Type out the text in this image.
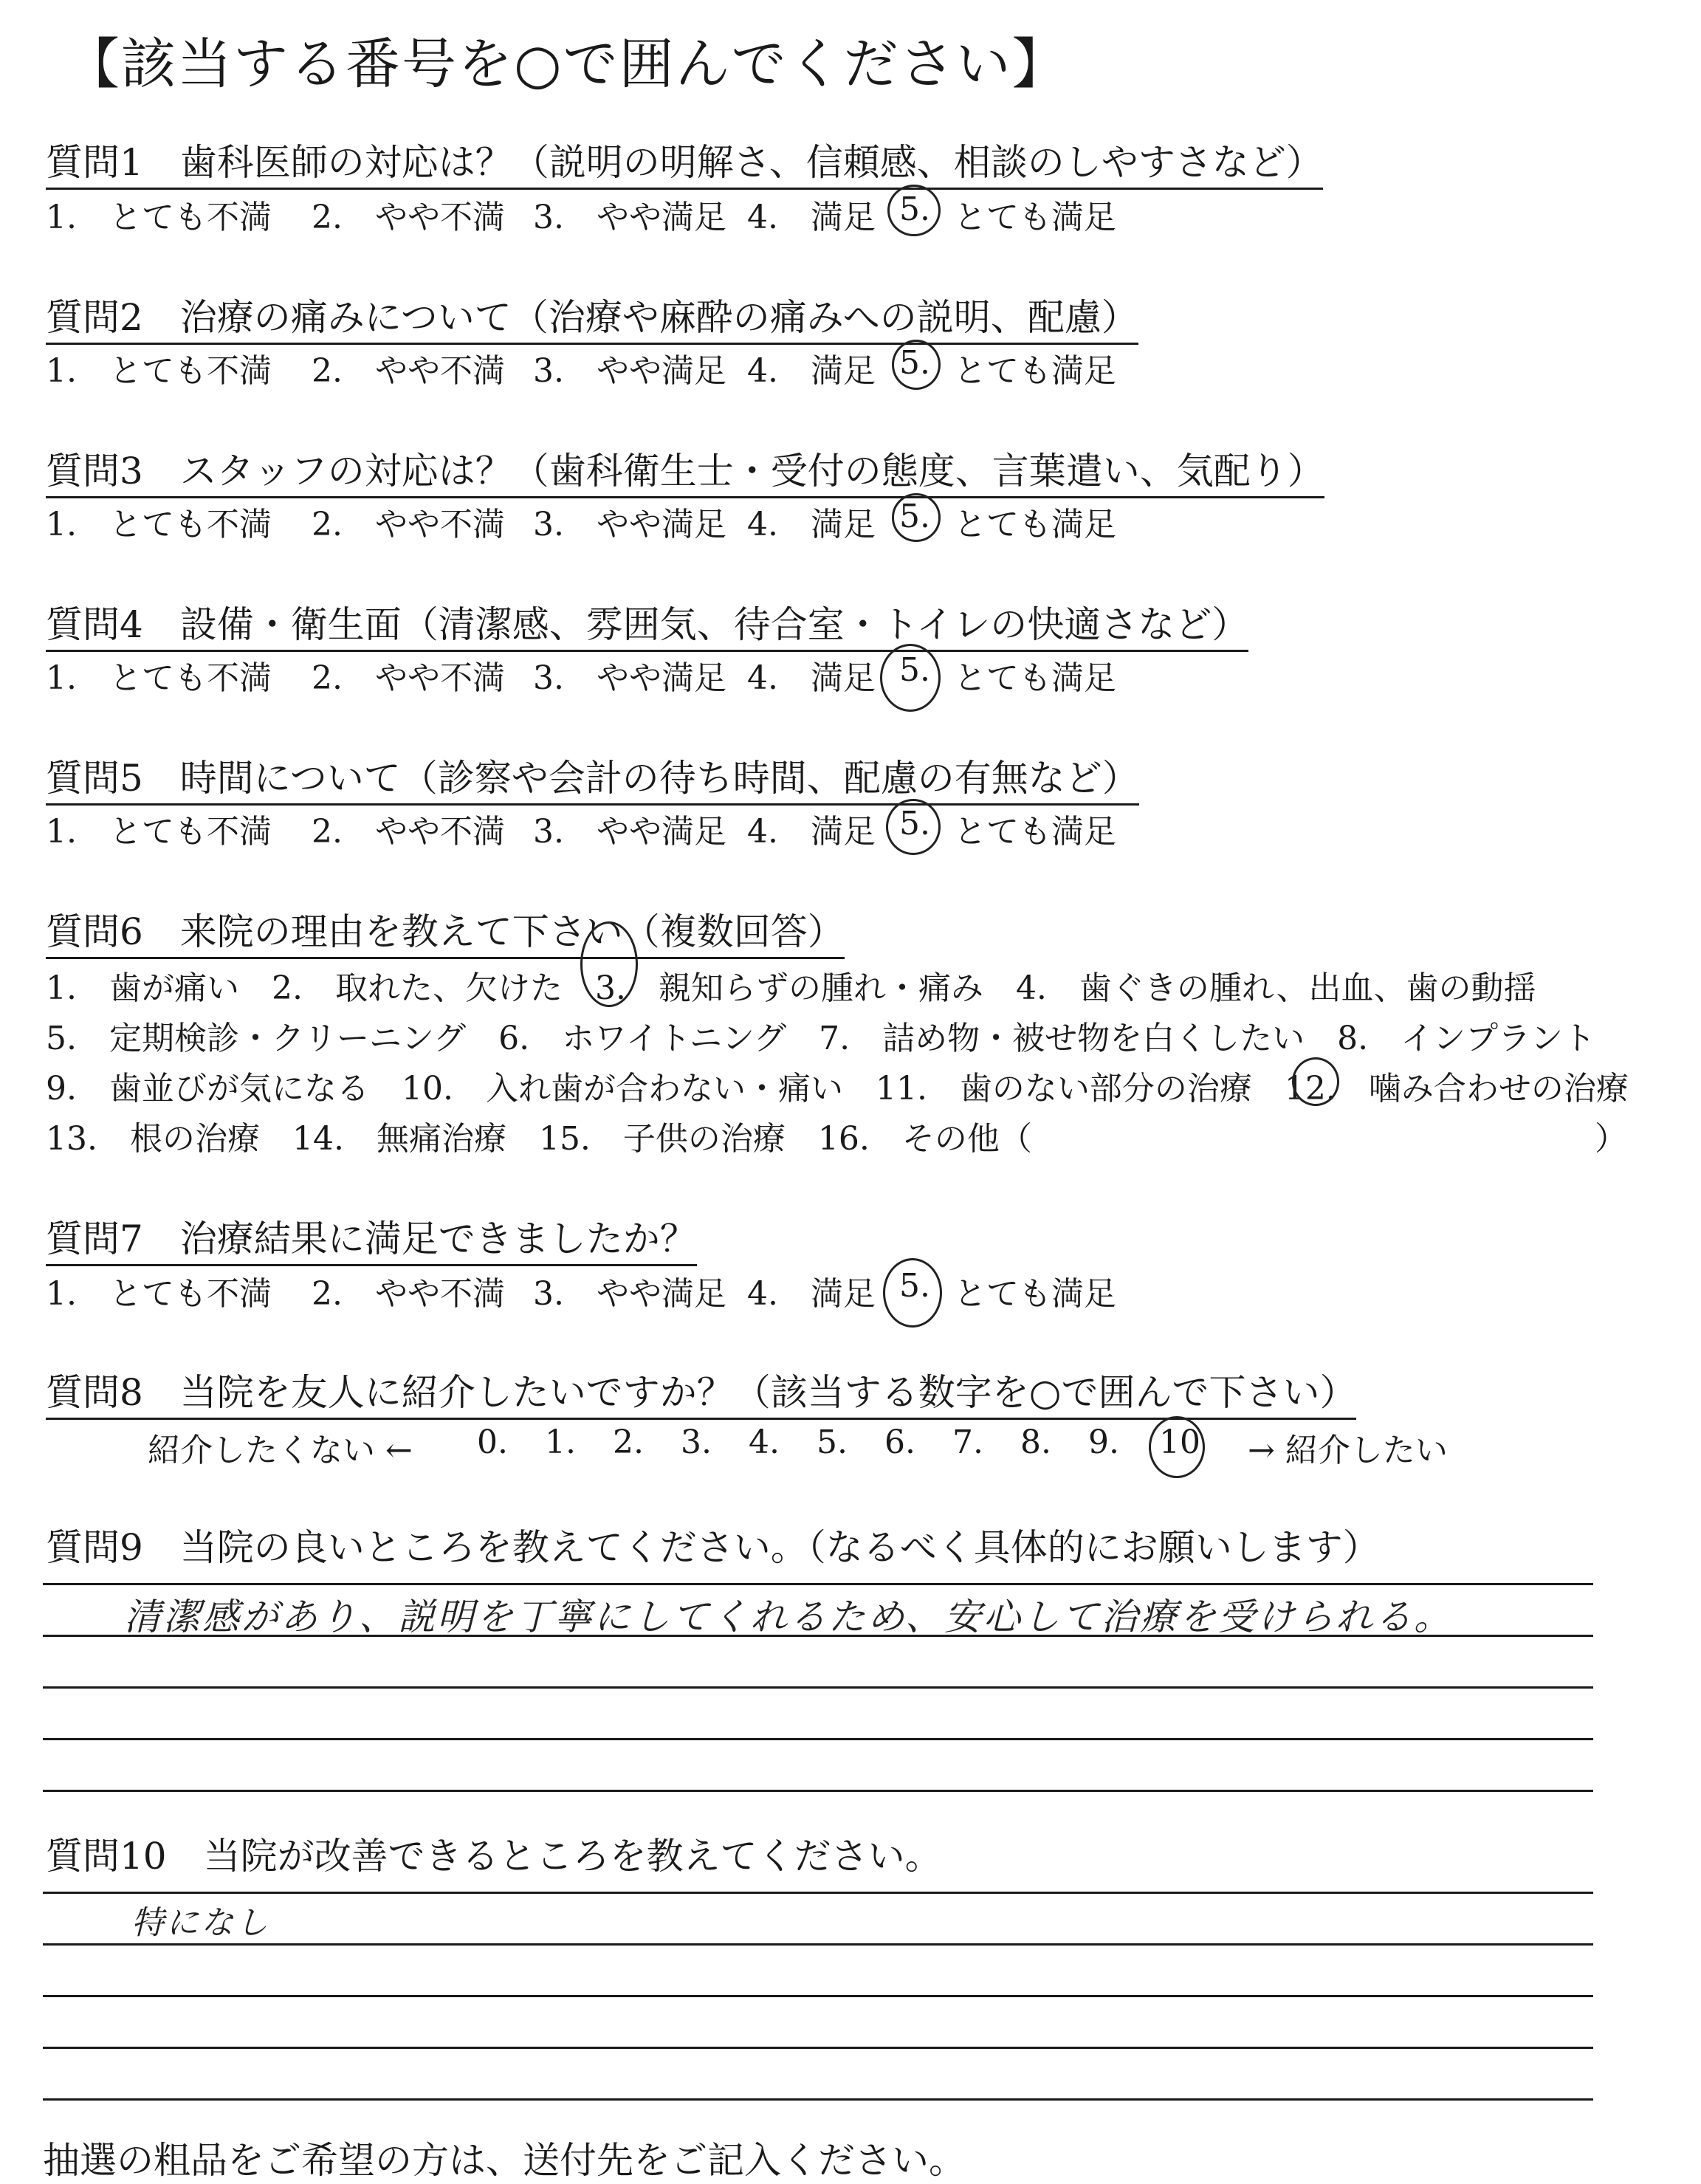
【該当する番号を○で囲んでください】
質問1　歯科医師の対応は？（説明の明解さ、信頼感、相談のしやすさなど）
1.　とても不満 2.　やや不満 3.　やや満足 4.　満足 5. とても満足
質問2　治療の痛みについて（治療や麻酔の痛みへの説明、配慮）
1.　とても不満 2.　やや不満 3.　やや満足 4.　満足 5. とても満足
質問3　スタッフの対応は？（歯科衛生士・受付の態度、言葉遣い、気配り）
1.　とても不満 2.　やや不満 3.　やや満足 4.　満足 5. とても満足
質問4　設備・衛生面（清潔感、雰囲気、待合室・トイレの快適さなど）
1.　とても不満 2.　やや不満 3.　やや満足 4.　満足 5. とても満足
質問5　時間について（診察や会計の待ち時間、配慮の有無など）
1.　とても不満 2.　やや不満 3.　やや満足 4.　満足 5. とても満足
質問6　来院の理由を教えて下さい（複数回答）
1.　歯が痛い　2.　取れた、欠けた　3.　親知らずの腫れ・痛み　4.　歯ぐきの腫れ、出血、歯の動揺
5.　定期検診・クリーニング　6.　ホワイトニング　7.　詰め物・被せ物を白くしたい　8.　インプラント
9.　歯並びが気になる　10.　入れ歯が合わない・痛い　11.　歯のない部分の治療　12.　噛み合わせの治療
13.　根の治療　14.　無痛治療　15.　子供の治療　16.　その他（	）
質問7　治療結果に満足できましたか？
1.　とても不満 2.　やや不満 3.　やや満足 4.　満足 5. とても満足
質問8　当院を友人に紹介したいですか？（該当する数字を○で囲んで下さい）
紹介したくない ← 0. 1. 2. 3. 4. 5. 6. 7. 8. 9. 10 → 紹介したい
質問9　当院の良いところを教えてください。（なるべく具体的にお願いします）
清潔感があり、説明を丁寧にしてくれるため、安心して治療を受けられる。
質問10　当院が改善できるところを教えてください。
特になし
抽選の粗品をご希望の方は、送付先をご記入ください。
